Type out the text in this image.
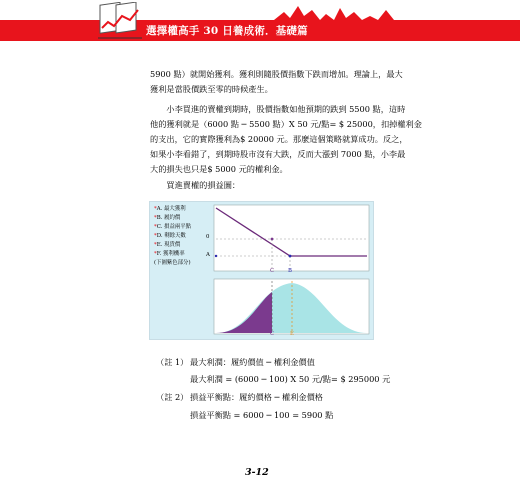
選擇權高手 30 日養成術．基礎篇
5900 點）就開始獲利。獲利則隨股價指數下跌而增加。理論上，最大
獲利是當股價跌至零的時候產生。
　　小李買進的賣權到期時，股價指數如他預期的跌到 5500 點，這時
他的獲利就是（6000 點 ─ 5500 點）X 50 元/點= $ 25000，扣掉權利金
的支出，它的實際獲利為$ 20000 元。那麼這個策略就算成功。反之，
如果小李看錯了，到期時股市沒有大跌，反而大漲到 7000 點，小李最
大的損失也只是$ 5000 元的權利金。
　　買進賣權的損益圖：
*A. 最大獲利
*B. 履約價
*C. 損益兩平點
*D. 剩餘天數
*E. 現貨價
*F. 獲利機率
(下圖紫色部分)
0
A
C	B
C	E
（註 1） 最大利潤：履約價值 ─ 權利金價值
最大利潤 = (6000 ─ 100) X 50 元/點= $ 295000 元
（註 2） 損益平衡點：履約價格 ─ 權利金價格
損益平衡點 = 6000 ─ 100 = 5900 點
3-12
